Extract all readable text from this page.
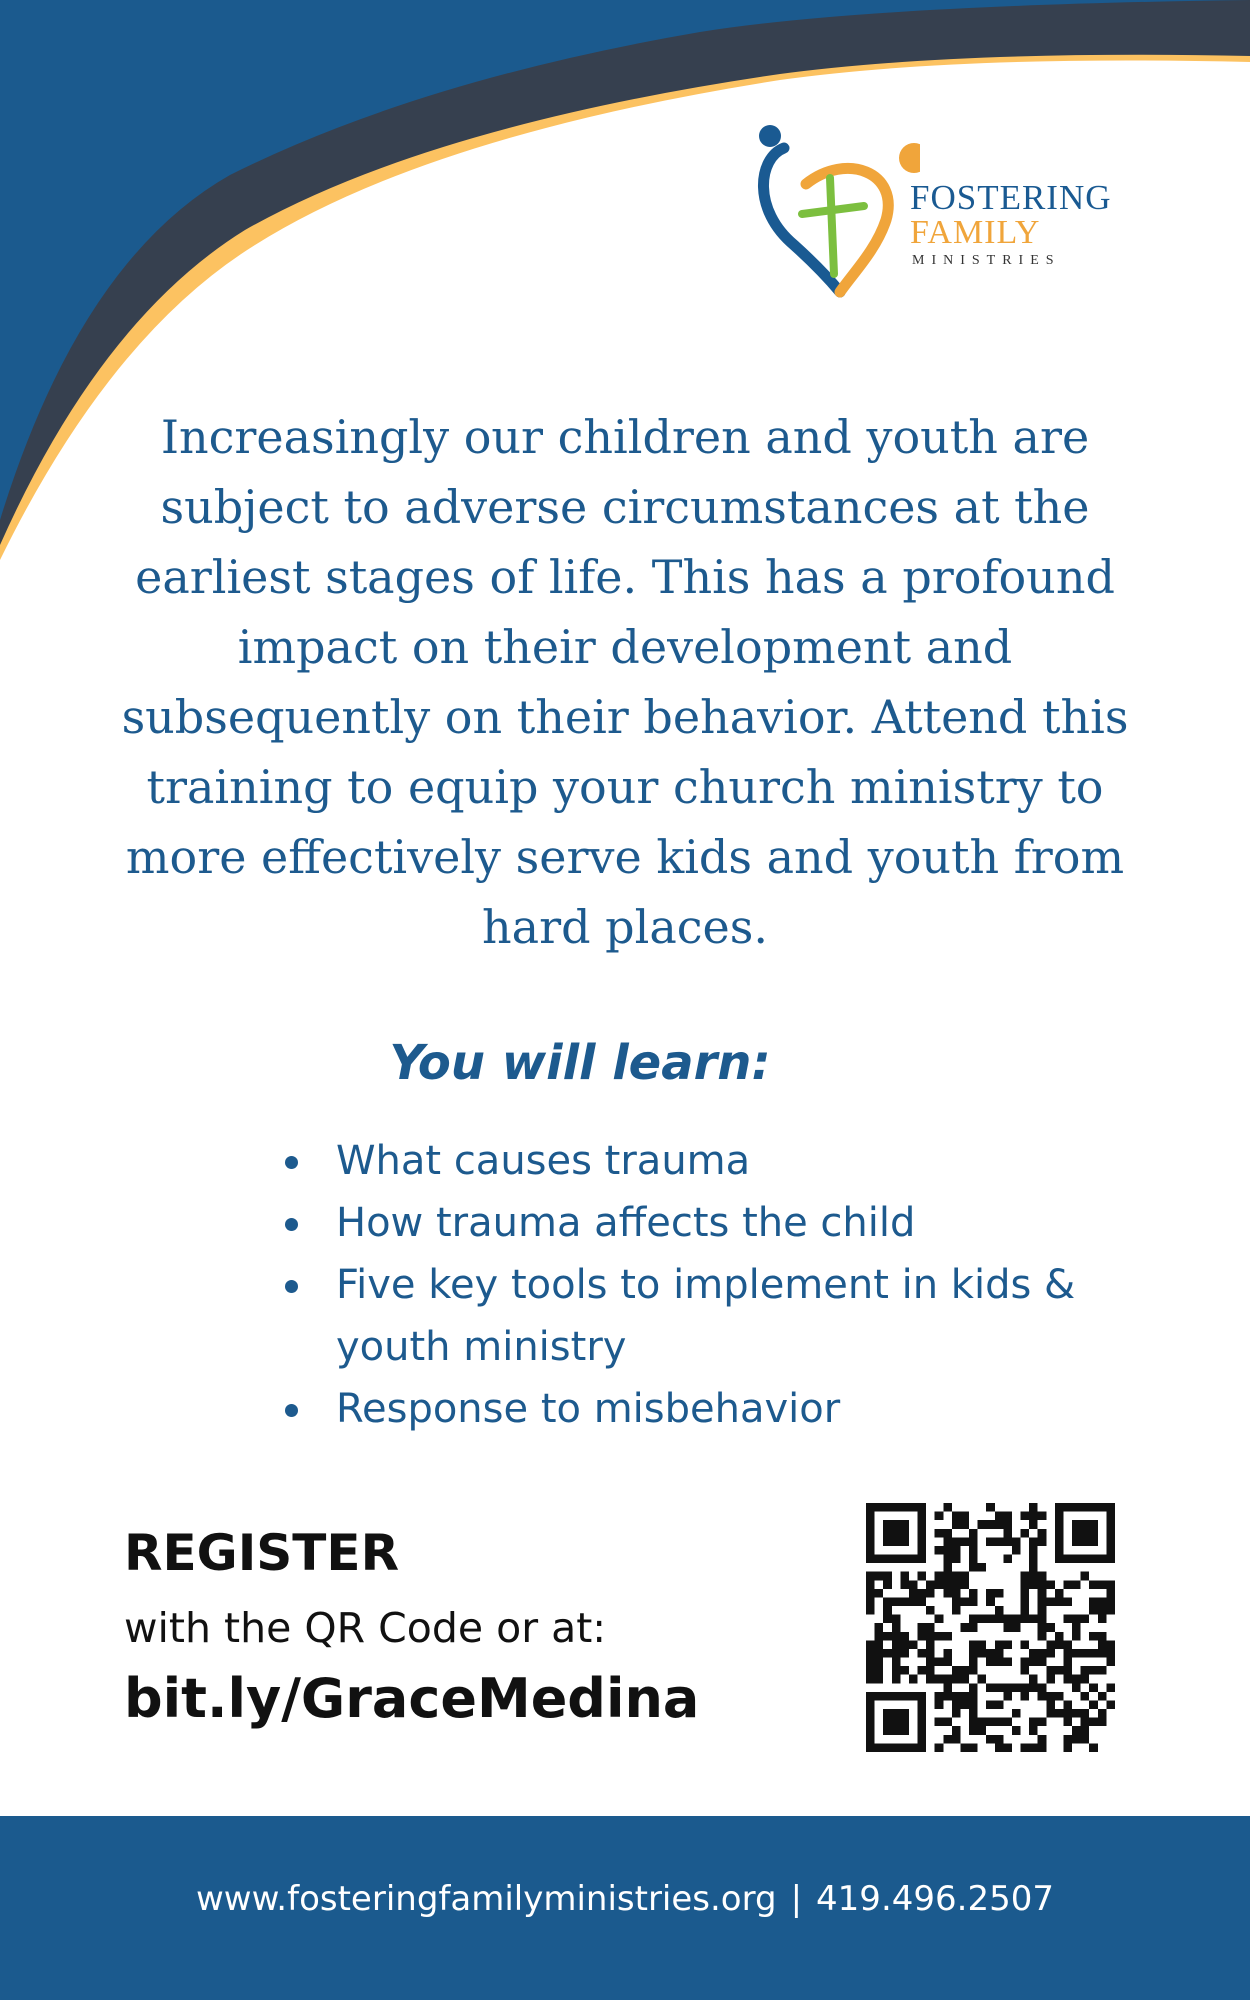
FOSTERING
FAMILY
MINISTRIES
Increasingly our children and youth are subject to adverse circumstances at the earliest stages of life. This has a profound impact on their development and subsequently on their behavior. Attend this training to equip your church ministry to more effectively serve kids and youth from hard places.
You will learn:
What causes trauma
How trauma affects the child
Five key tools to implement in kids & youth ministry
Response to misbehavior
REGISTER
with the QR Code or at:
bit.ly/GraceMedina
www.fosteringfamilyministries.org | 419.496.2507
